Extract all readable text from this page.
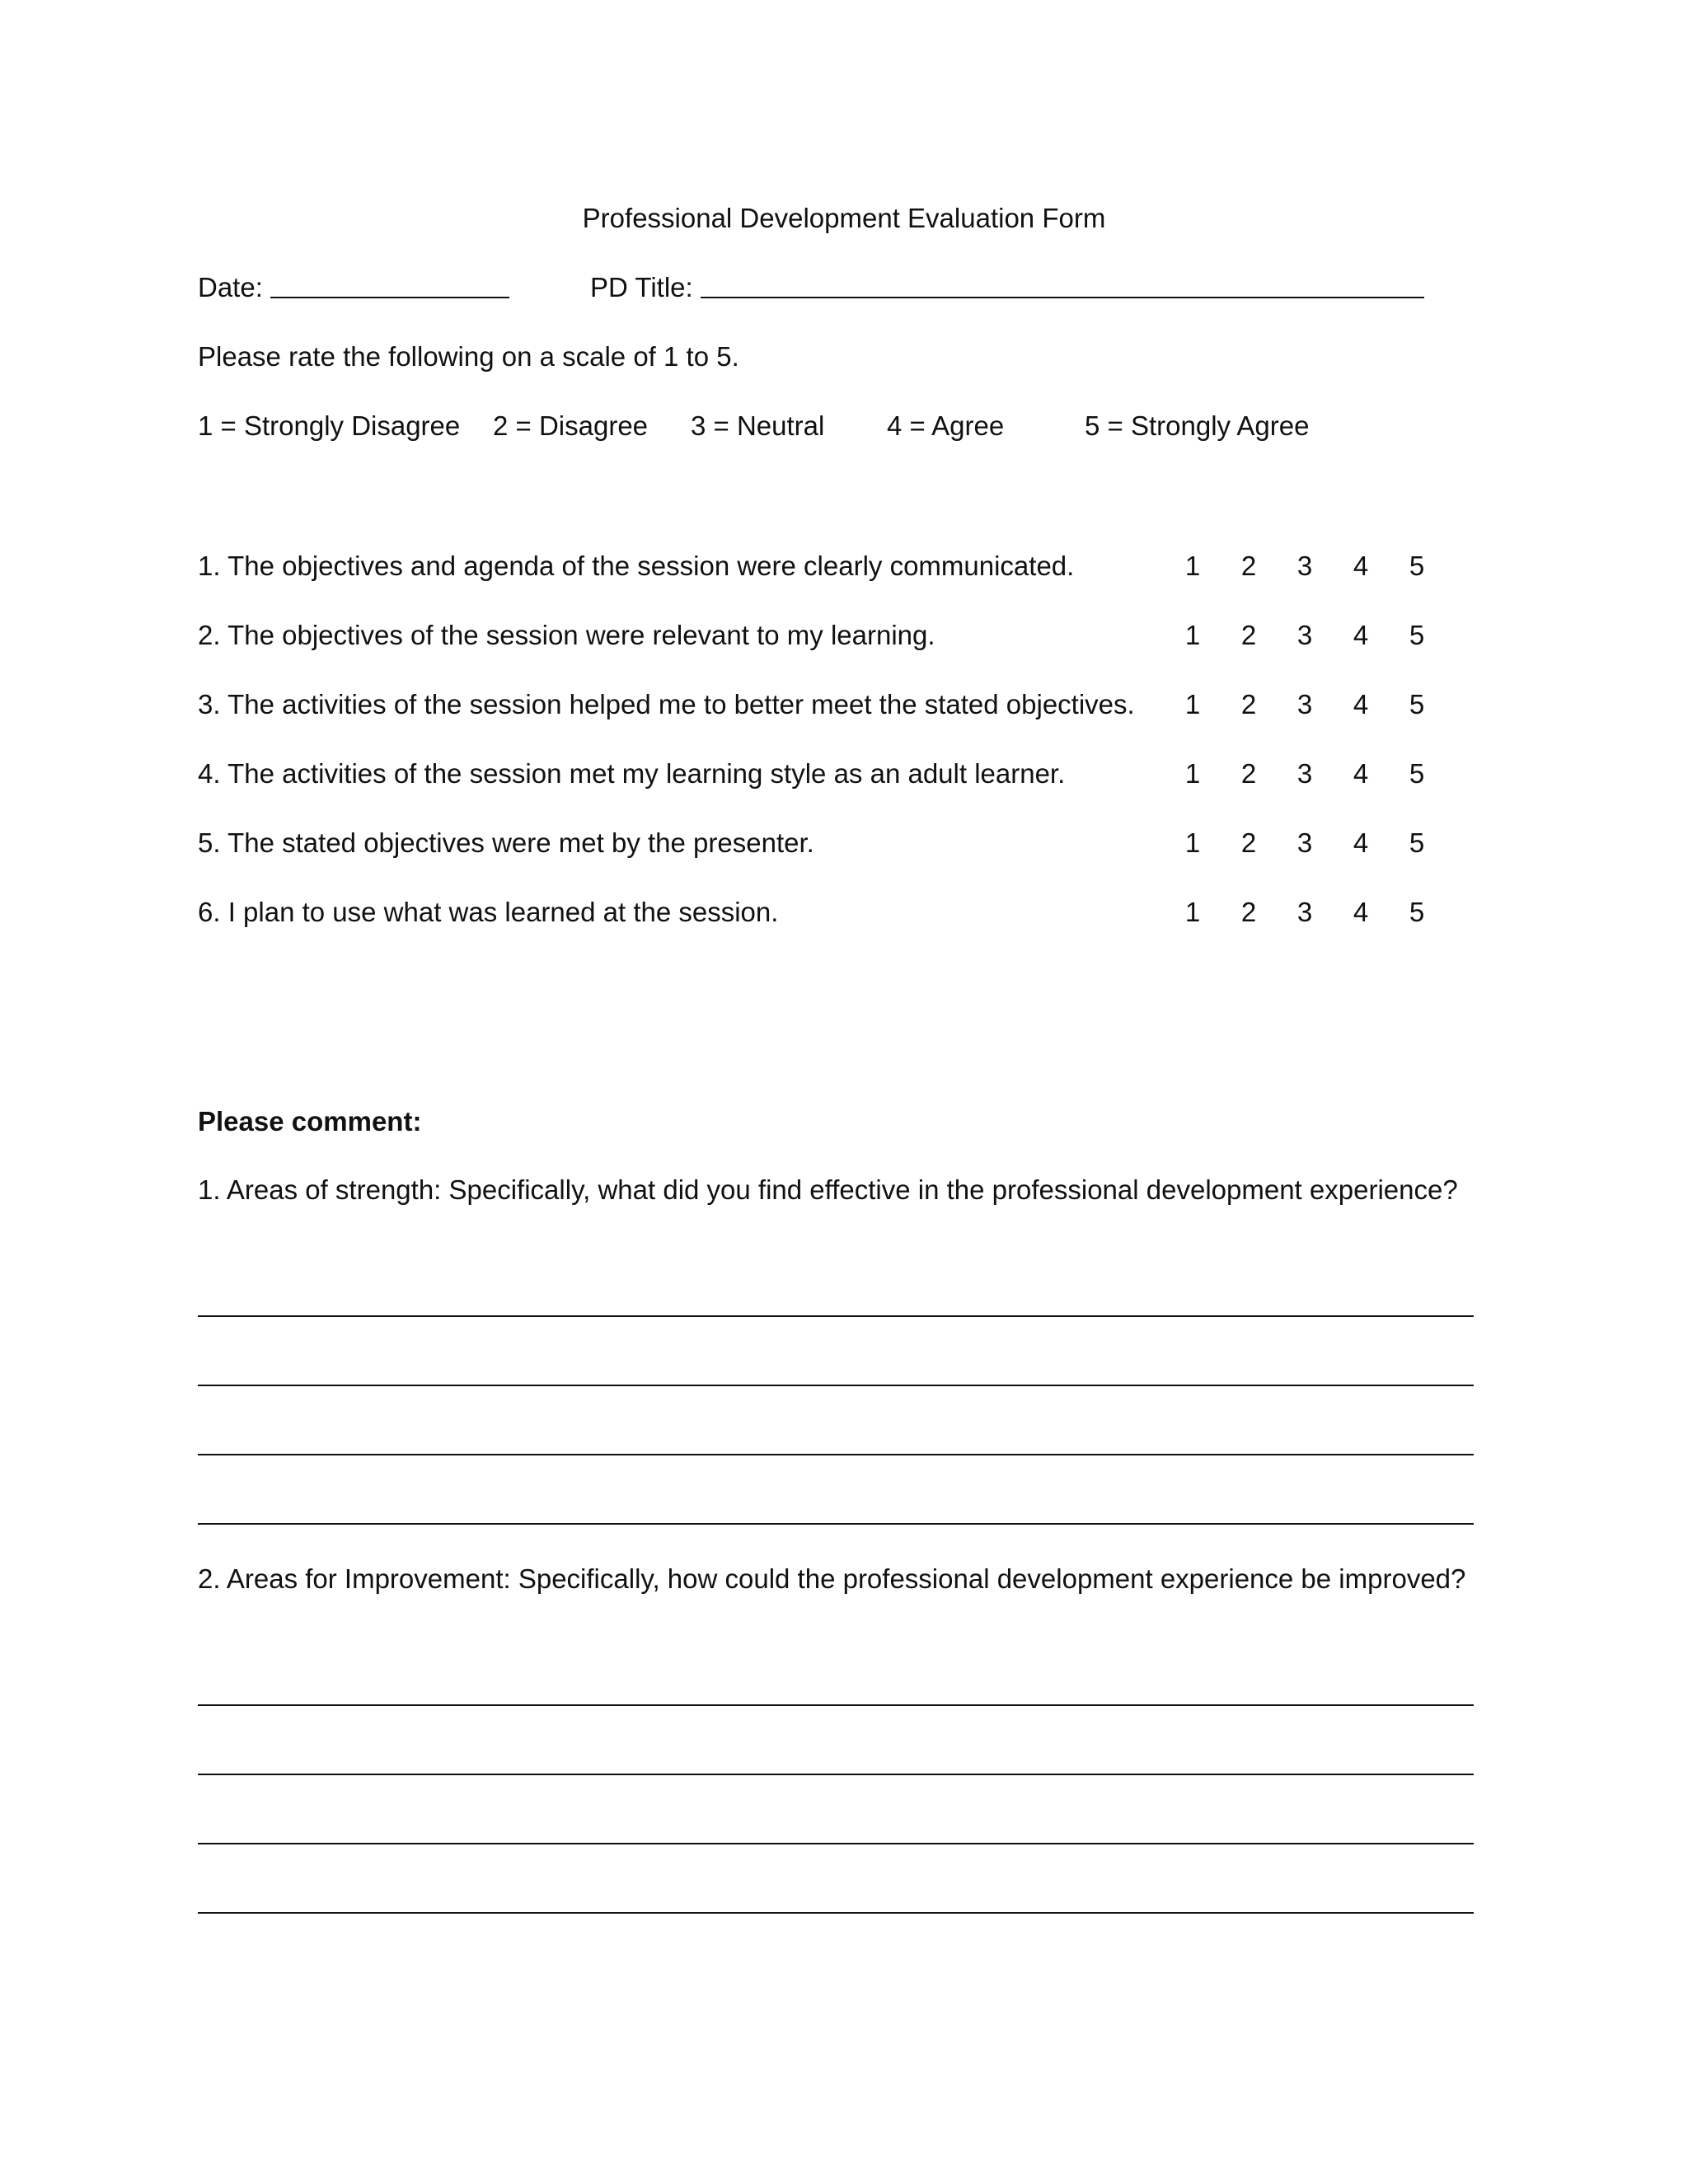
Professional Development Evaluation Form
Date:	PD Title:
Please rate the following on a scale of 1 to 5.
1 = Strongly Disagree 2 = Disagree 3 = Neutral 4 = Agree	5 = Strongly Agree
1. The objectives and agenda of the session were clearly communicated.
2. The objectives of the session were relevant to my learning.
3. The activities of the session helped me to better meet the stated objectives.
4. The activities of the session met my learning style as an adult learner.
5. The stated objectives were met by the presenter.
6. I plan to use what was learned at the session.
1 2 3 4 5
1 2 3 4 5
1 2 3 4 5
1 2 3 4 5
1 2 3 4 5
1 2 3 4 5
Please comment:
1. Areas of strength: Specifically, what did you find effective in the professional development experience?
2. Areas for Improvement: Specifically, how could the professional development experience be improved?
